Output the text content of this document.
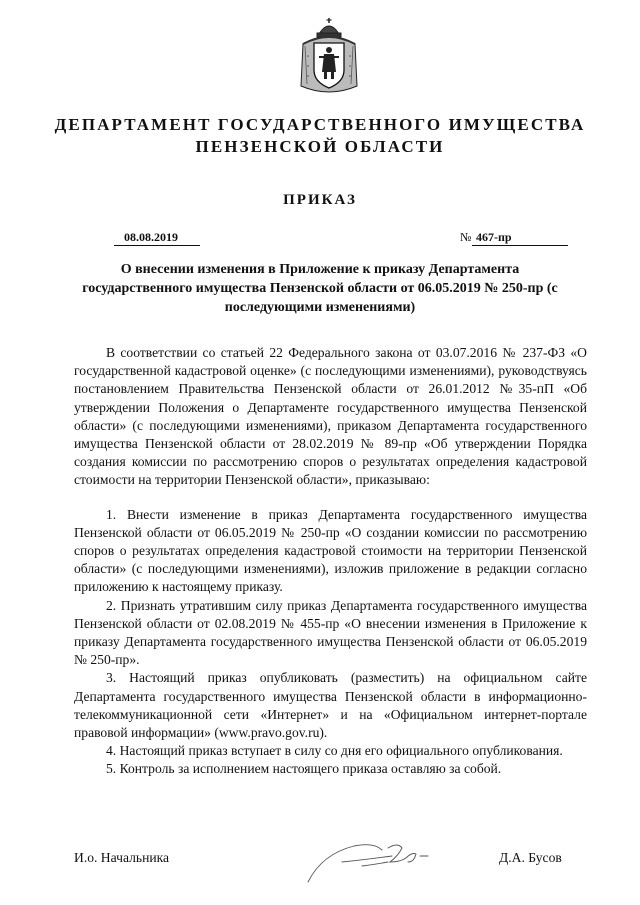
ДЕПАРТАМЕНТ ГОСУДАРСТВЕННОГО ИМУЩЕСТВА
ПЕНЗЕНСКОЙ ОБЛАСТИ
ПРИКАЗ
08.08.2019	№ 467-пр
О внесении изменения в Приложение к приказу Департамента государственного имущества Пензенской области от 06.05.2019 № 250-пр (с последующими изменениями)

В соответствии со статьей 22 Федерального закона от 03.07.2016 № 237-ФЗ «О государственной кадастровой оценке» (с последующими изменениями), руководствуясь постановлением Правительства Пензенской области от 26.01.2012 №35-пП «Об утверждении Положения о Департаменте государственного имущества Пензенской области» (с последующими изменениями), приказом Департамента государственного имущества Пензенской области от 28.02.2019 № 89-пр «Об утверждении Порядка создания комиссии по рассмотрению споров о результатах определения кадастровой стоимости на территории Пензенской области», приказываю:

1. Внести изменение в приказ Департамента государственного имущества Пензенской области от 06.05.2019 № 250-пр «О создании комиссии по рассмотрению споров о результатах определения кадастровой стоимости на территории Пензенской области» (с последующими изменениями), изложив приложение в редакции согласно приложению к настоящему приказу.

2. Признать утратившим силу приказ Департамента государственного имущества Пензенской области от 02.08.2019 № 455-пр «О внесении изменения в Приложение к приказу Департамента государственного имущества Пензенской области от 06.05.2019 № 250-пр».

3. Настоящий приказ опубликовать (разместить) на официальном сайте Департамента государственного имущества Пензенской области в информационно-телекоммуникационной сети «Интернет» и на «Официальном интернет-портале правовой информации» (www.pravo.gov.ru).

4. Настоящий приказ вступает в силу со дня его официального опубликования.

5. Контроль за исполнением настоящего приказа оставляю за собой.

И.о. Начальника	Д.А. Бусов
